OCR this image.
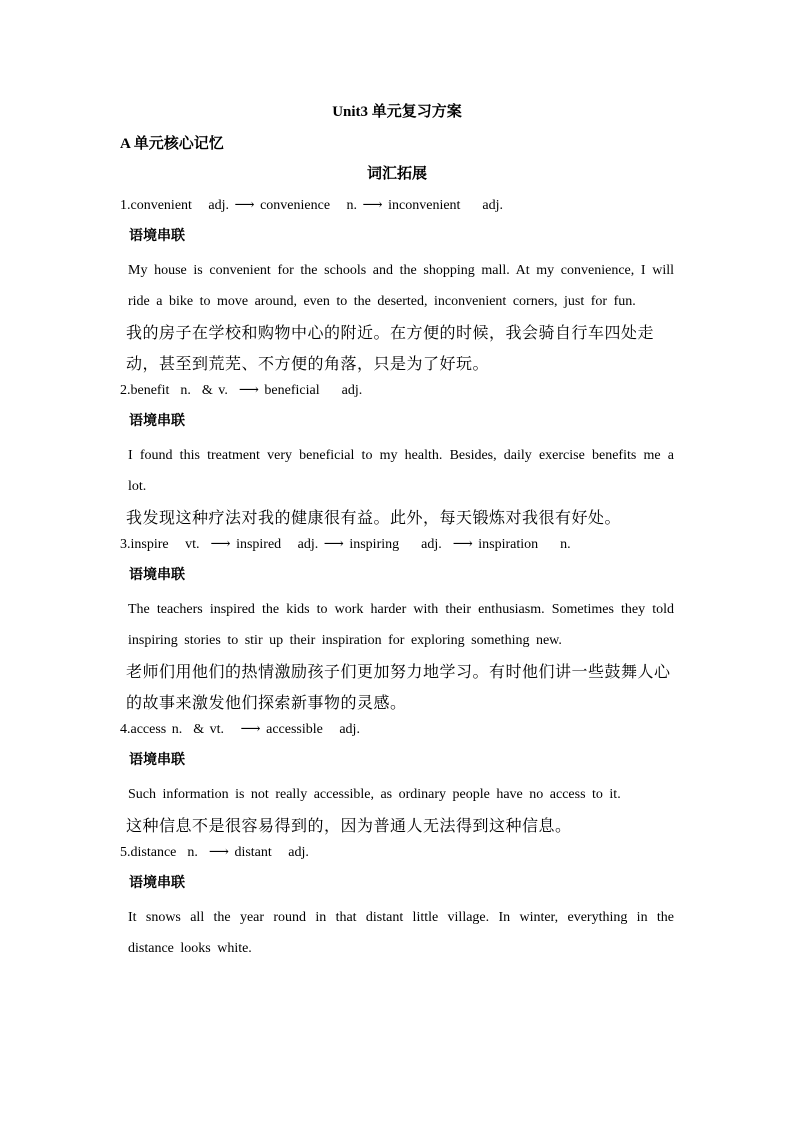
Unit3 单元复习方案
A 单元核心记忆
词汇拓展
1.convenient   adj. ⟶ convenience   n. ⟶ inconvenient    adj.
语境串联
My house is convenient for the schools and the shopping mall. At my convenience, I will ride a bike to move around, even to the deserted, inconvenient corners, just for fun.
我的房子在学校和购物中心的附近。在方便的时候，我会骑自行车四处走动，甚至到荒芜、不方便的角落，只是为了好玩。
2.benefit  n.  & v.  ⟶ beneficial    adj.
语境串联
I found this treatment very beneficial to my health. Besides, daily exercise benefits me a lot.
我发现这种疗法对我的健康很有益。此外，每天锻炼对我很有好处。
3.inspire   vt.  ⟶ inspired   adj. ⟶ inspiring    adj.  ⟶ inspiration    n.
语境串联
The teachers inspired the kids to work harder with their enthusiasm. Sometimes they told inspiring stories to stir up their inspiration for exploring something new.
老师们用他们的热情激励孩子们更加努力地学习。有时他们讲一些鼓舞人心的故事来激发他们探索新事物的灵感。
4.access n.  & vt.   ⟶ accessible   adj.
语境串联
Such information is not really accessible, as ordinary people have no access to it.
这种信息不是很容易得到的，因为普通人无法得到这种信息。
5.distance  n.  ⟶ distant   adj.
语境串联
It snows all the year round in that distant little village. In winter, everything in the distance looks white.
